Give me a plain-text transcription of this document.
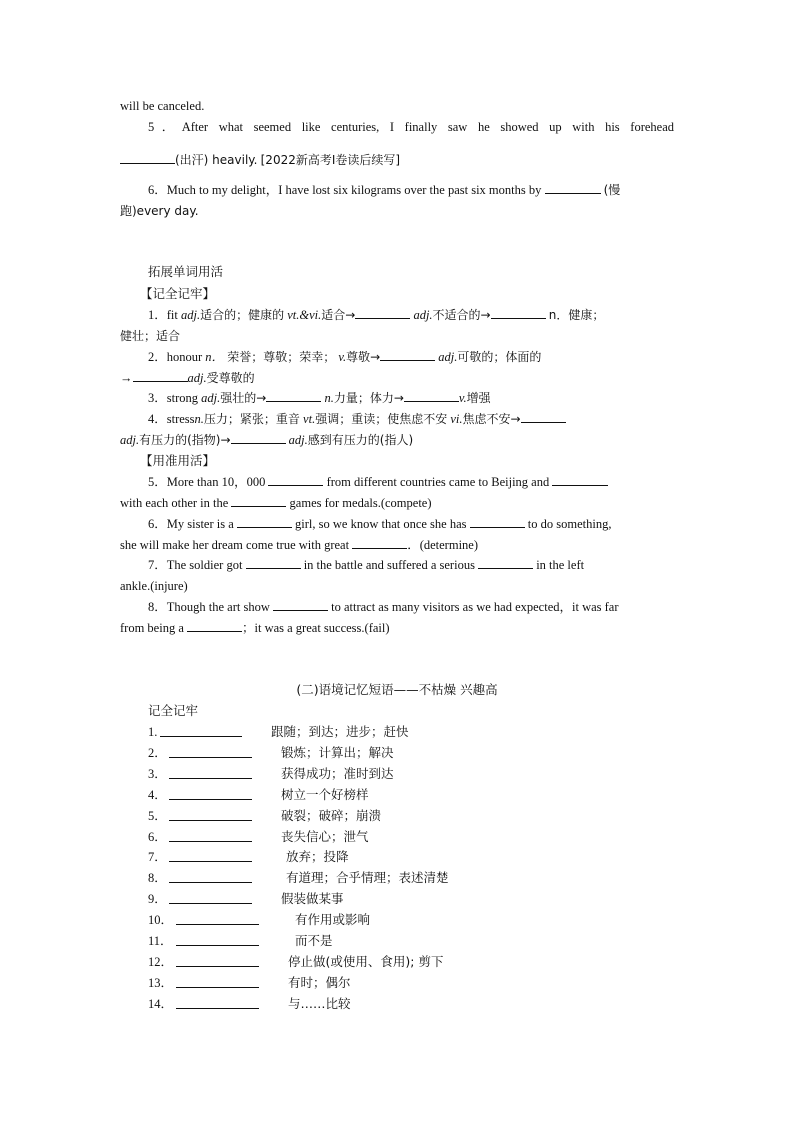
will be canceled.
5．After what seemed like centuries, I finally saw he showed up with his forehead
(出汗) heavily. [2022新高考Ⅰ卷读后续写]
6．Much to my delight，I have lost six kilograms over the past six months by	(慢
跑)every day.
拓展单词用活
【记全记牢】
1．fit adj.适合的；健康的 vt.&vi.适合→	adj.不适合的→	n．健康；
健壮；适合
2．honour n． 荣誉；尊敬；荣幸； v.尊敬→	adj.可敬的；体面的
→	adj.受尊敬的
3．strong adj.强壮的→	n.力量；体力→	v.增强
4．stressn.压力；紧张；重音 vt.强调；重读；使焦虑不安 vi.焦虑不安→
adj.有压力的(指物)→	adj.感到有压力的(指人)
【用准用活】
5．More than 10，000	from different countries came to Beijing and
with each other in the	games for medals.(compete)
6．My sister is a	girl, so we know that once she has	to do something,
she will make her dream come true with great	．(determine)
7．The soldier got	in the battle and suffered a serious	in the left
ankle.(injure)
8．Though the art show	to attract as many visitors as we had expected，it was far
from being a	；it was a great success.(fail)
(二)语境记忆短语——不枯燥 兴趣高
记全记牢
1.	跟随；到达；进步；赶快
2．	锻炼；计算出；解决
3．	获得成功；准时到达
4．	树立一个好榜样
5．	破裂；破碎；崩溃
6．	丧失信心；泄气
7．	放弃；投降
8．	有道理；合乎情理；表述清楚
9．	假装做某事
10．	有作用或影响
11．	而不是
12．	停止做(或使用、食用); 剪下
13．	有时；偶尔
14．	与……比较
